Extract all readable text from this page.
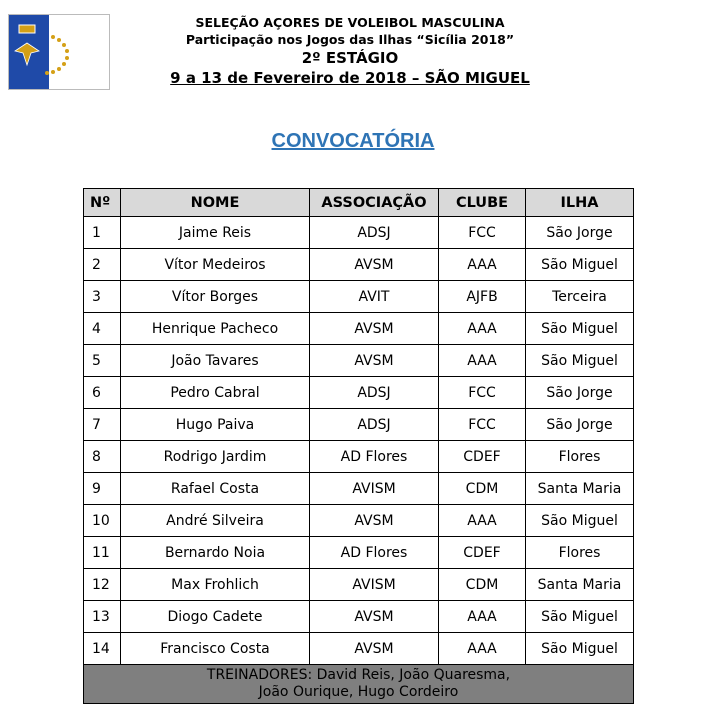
SELEÇÃO AÇORES DE VOLEIBOL MASCULINA
Participação nos Jogos das Ilhas “Sicília 2018”
2º ESTÁGIO
9 a 13 de Fevereiro de 2018 – SÃO MIGUEL
CONVOCATÓRIA
Nº	NOME	ASSOCIAÇÃO	CLUBE	ILHA
1	Jaime Reis	ADSJ	FCC	São Jorge
2	Vítor Medeiros	AVSM	AAA	São Miguel
3	Vítor Borges	AVIT	AJFB	Terceira
4	Henrique Pacheco	AVSM	AAA	São Miguel
5	João Tavares	AVSM	AAA	São Miguel
6	Pedro Cabral	ADSJ	FCC	São Jorge
7	Hugo Paiva	ADSJ	FCC	São Jorge
8	Rodrigo Jardim	AD Flores	CDEF	Flores
9	Rafael Costa	AVISM	CDM	Santa Maria
10	André Silveira	AVSM	AAA	São Miguel
11	Bernardo Noia	AD Flores	CDEF	Flores
12	Max Frohlich	AVISM	CDM	Santa Maria
13	Diogo Cadete	AVSM	AAA	São Miguel
14	Francisco Costa	AVSM	AAA	São Miguel

TREINADORES: David Reis, João Quaresma,
João Ourique, Hugo Cordeiro				
